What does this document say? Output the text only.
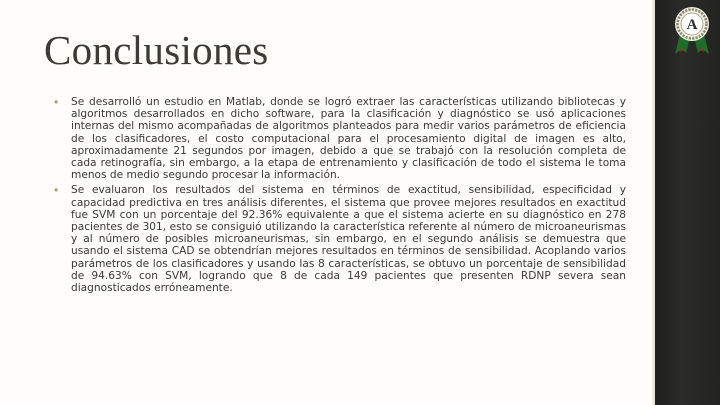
A
Conclusiones
• Se desarrolló un estudio en Matlab, donde se logró extraer las características utilizando bibliotecas y algoritmos desarrollados en dicho software, para la clasificación y diagnóstico se usó aplicaciones internas del mismo acompañadas de algoritmos planteados para medir varios parámetros de eficiencia de los clasificadores, el costo computacional para el procesamiento digital de imagen es alto, aproximadamente 21 segundos por imagen, debido a que se trabajó con la resolución completa de cada retinografía, sin embargo, a la etapa de entrenamiento y clasificación de todo el sistema le toma menos de medio segundo procesar la información.
• Se evaluaron los resultados del sistema en términos de exactitud, sensibilidad, especificidad y capacidad predictiva en tres análisis diferentes, el sistema que provee mejores resultados en exactitud fue SVM con un porcentaje del 92.36% equivalente a que el sistema acierte en su diagnóstico en 278 pacientes de 301, esto se consiguió utilizando la característica referente al número de microaneurismas y al número de posibles microaneurismas, sin embargo, en el segundo análisis se demuestra que usando el sistema CAD se obtendrían mejores resultados en términos de sensibilidad. Acoplando varios parámetros de los clasificadores y usando las 8 características, se obtuvo un porcentaje de sensibilidad de 94.63% con SVM, logrando que 8 de cada 149 pacientes que presenten RDNP severa sean diagnosticados erróneamente.
